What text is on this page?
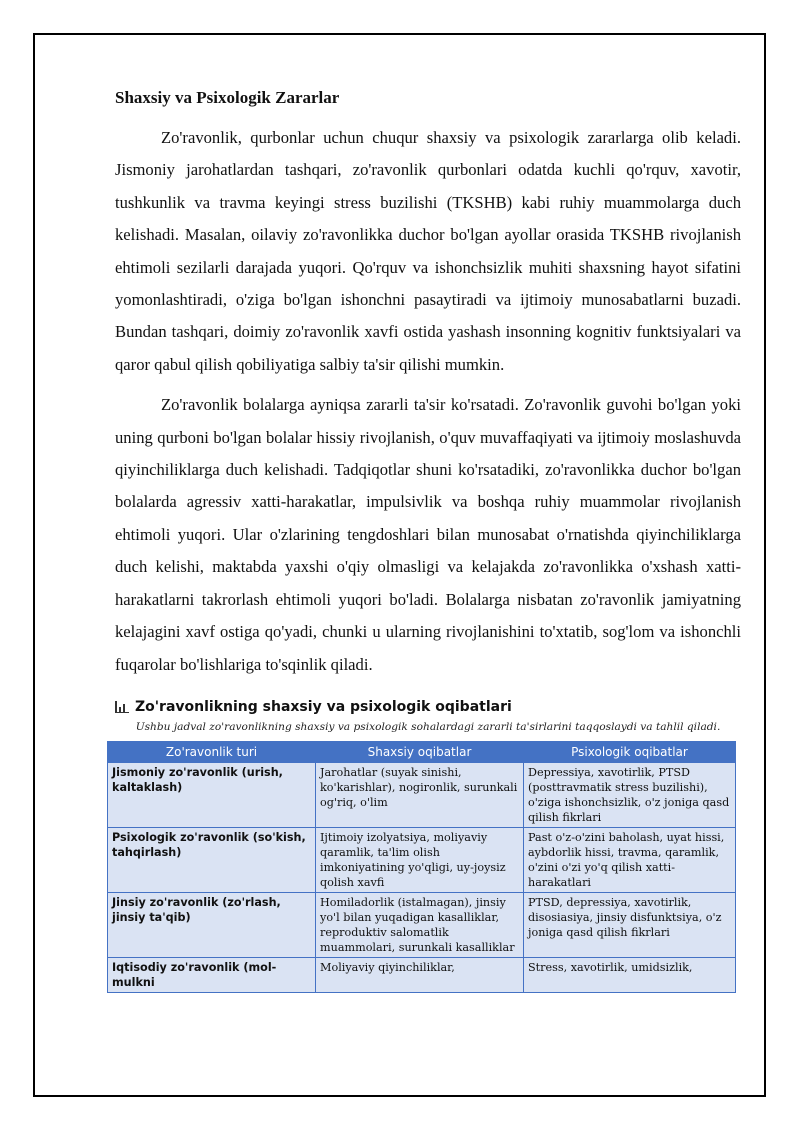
Shaxsiy va Psixologik Zararlar

Zo'ravonlik, qurbonlar uchun chuqur shaxsiy va psixologik zararlarga olib keladi. Jismoniy jarohatlardan tashqari, zo'ravonlik qurbonlari odatda kuchli qo'rquv, xavotir, tushkunlik va travma keyingi stress buzilishi (TKSHB) kabi ruhiy muammolarga duch kelishadi. Masalan, oilaviy zo'ravonlikka duchor bo'lgan ayollar orasida TKSHB rivojlanish ehtimoli sezilarli darajada yuqori. Qo'rquv va ishonchsizlik muhiti shaxsning hayot sifatini yomonlashtiradi, o'ziga bo'lgan ishonchni pasaytiradi va ijtimoiy munosabatlarni buzadi. Bundan tashqari, doimiy zo'ravonlik xavfi ostida yashash insonning kognitiv funktsiyalari va qaror qabul qilish qobiliyatiga salbiy ta'sir qilishi mumkin.

Zo'ravonlik bolalarga ayniqsa zararli ta'sir ko'rsatadi. Zo'ravonlik guvohi bo'lgan yoki uning qurboni bo'lgan bolalar hissiy rivojlanish, o'quv muvaffaqiyati va ijtimoiy moslashuvda qiyinchiliklarga duch kelishadi. Tadqiqotlar shuni ko'rsatadiki, zo'ravonlikka duchor bo'lgan bolalarda agressiv xatti-harakatlar, impulsivlik va boshqa ruhiy muammolar rivojlanish ehtimoli yuqori. Ular o'zlarining tengdoshlari bilan munosabat o'rnatishda qiyinchiliklarga duch kelishi, maktabda yaxshi o'qiy olmasligi va kelajakda zo'ravonlikka o'xshash xatti-harakatlarni takrorlash ehtimoli yuqori bo'ladi. Bolalarga nisbatan zo'ravonlik jamiyatning kelajagini xavf ostiga qo'yadi, chunki u ularning rivojlanishini to'xtatib, sog'lom va ishonchli fuqarolar bo'lishlariga to'sqinlik qiladi.

Zo'ravonlikning shaxsiy va psixologik oqibatlari
Ushbu jadval zo'ravonlikning shaxsiy va psixologik sohalardagi zararli ta'sirlarini taqqoslaydi va tahlil qiladi.
Zo'ravonlik turi	Shaxsiy oqibatlar	Psixologik oqibatlar
Jismoniy zo'ravonlik (urish, kaltaklash)	Jarohatlar (suyak sinishi, ko'karishlar), nogironlik, surunkali og'riq, o'lim	Depressiya, xavotirlik, PTSD (posttravmatik stress buzilishi), o'ziga ishonchsizlik, o'z joniga qasd qilish fikrlari
Psixologik zo'ravonlik (so'kish, tahqirlash)	Ijtimoiy izolyatsiya, moliyaviy qaramlik, ta'lim olish imkoniyatining yo'qligi, uy-joysiz qolish xavfi	Past o'z-o'zini baholash, uyat hissi, aybdorlik hissi, travma, qaramlik, o'zini o'zi yo'q qilish xatti-harakatlari
Jinsiy zo'ravonlik (zo'rlash, jinsiy ta'qib)	Homiladorlik (istalmagan), jinsiy yo'l bilan yuqadigan kasalliklar, reproduktiv salomatlik muammolari, surunkali kasalliklar	PTSD, depressiya, xavotirlik, disosiasiya, jinsiy disfunktsiya, o'z joniga qasd qilish fikrlari
Iqtisodiy zo'ravonlik (mol-mulkni	Moliyaviy qiyinchiliklar,	Stress, xavotirlik, umidsizlik,
